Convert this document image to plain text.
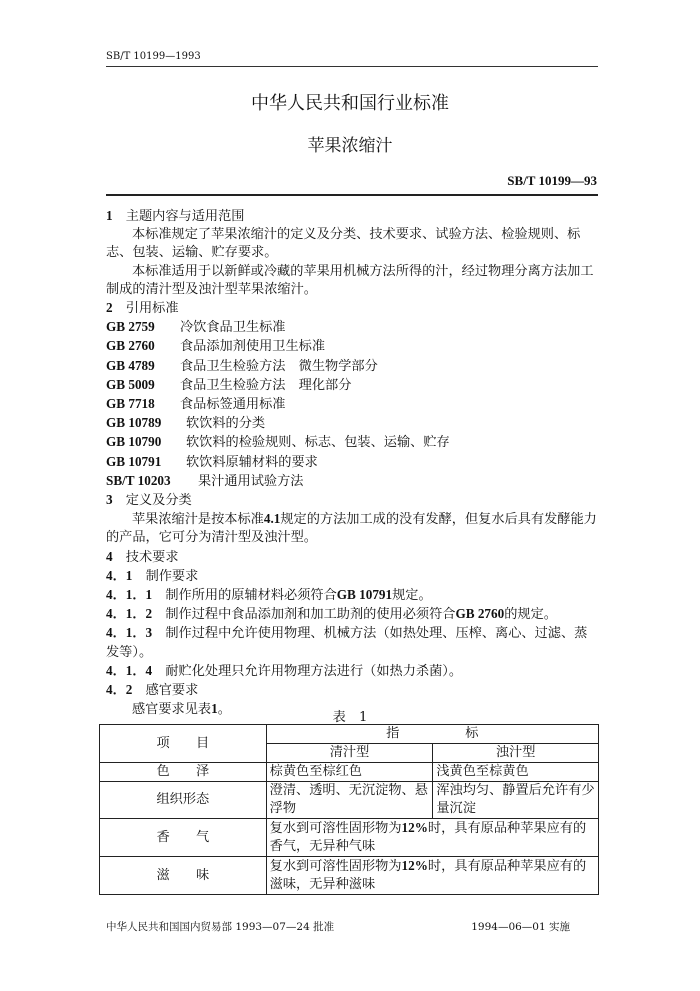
SB/T 10199—1993
中华人民共和国行业标准
苹果浓缩汁
SB/T 10199—93

1　 主题内容与适用范围

本标准规定了苹果浓缩汁的定义及分类、技术要求、试验方法、检验规则、标志、包装、运输、贮存要求。

本标准适用于以新鲜或冷藏的苹果用机械方法所得的汁，经过物理分离方法加工制成的清汁型及浊汁型苹果浓缩汁。

2　 引用标准

GB 2759 冷饮食品卫生标准

GB 2760 食品添加剂使用卫生标准

GB 4789 食品卫生检验方法　微生物学部分

GB 5009 食品卫生检验方法　理化部分

GB 7718 食品标签通用标准

GB 10789 软饮料的分类

GB 10790 软饮料的检验规则、标志、包装、运输、贮存

GB 10791 软饮料原辅材料的要求

SB/T 10203 果汁通用试验方法

3　 定义及分类

苹果浓缩汁是按本标准4.1规定的方法加工成的没有发酵，但复水后具有发酵能力的产品，它可分为清汁型及浊汁型。

4　 技术要求

4．1　 制作要求

4．1．1　 制作所用的原辅材料必须符合GB 10791规定。

4．1．2　 制作过程中食品添加剂和加工助剂的使用必须符合GB 2760的规定。

4．1．3　 制作过程中允许使用物理、机械方法（如热处理、压榨、离心、过滤、蒸发等）。

4．1．4　 耐贮化处理只允许用物理方法进行（如热力杀菌）。

4．2　 感官要求

感官要求见表1。

表　1
项　　目	指　　　　　标	
	清汁型	浊汁型
色　　泽	棕黄色至棕红色	浅黄色至棕黄色
组织形态	澄清、透明、无沉淀物、悬浮物	浑浊均匀、静置后允许有少量沉淀
香　　气	复水到可溶性固形物为12%时，具有原品种苹果应有的香气，无异种气味	
滋　　味	复水到可溶性固形物为12%时，具有原品种苹果应有的滋味，无异种滋味	
中华人民共和国国内贸易部 1993—07—24 批准	1994—06—01 实施
